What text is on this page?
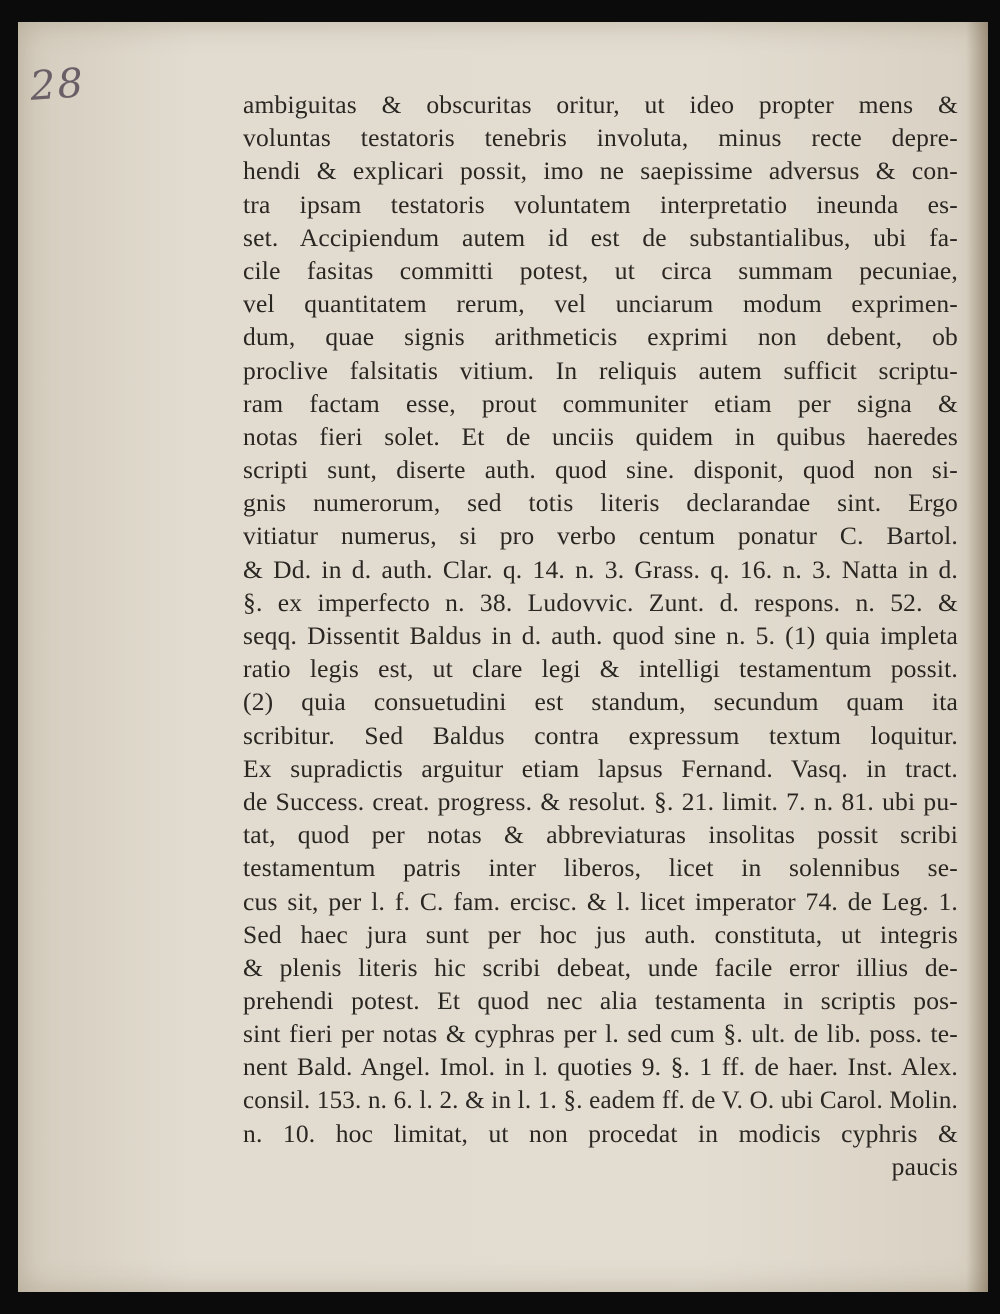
28	ambiguitas & obscuritas oritur, ut ideo propter mens &
voluntas testatoris tenebris involuta, minus recte depre-
hendi & explicari possit, imo ne saepissime adversus & con-
tra ipsam testatoris voluntatem interpretatio ineunda es-
set. Accipiendum autem id est de substantialibus, ubi fa-
cile fasitas committi potest, ut circa summam pecuniae,
vel quantitatem rerum, vel unciarum modum exprimen-
dum, quae signis arithmeticis exprimi non debent, ob
proclive falsitatis vitium. In reliquis autem sufficit scriptu-
ram factam esse, prout communiter etiam per signa &
notas fieri solet. Et de unciis quidem in quibus haeredes
scripti sunt, diserte auth. quod sine. disponit, quod non si-
gnis numerorum, sed totis literis declarandae sint. Ergo
vitiatur numerus, si pro verbo centum ponatur C. Bartol.
& Dd. in d. auth. Clar. q. 14. n. 3. Grass. q. 16. n. 3. Natta in d.
§. ex imperfecto n. 38. Ludovvic. Zunt. d. respons. n. 52. &
seqq. Dissentit Baldus in d. auth. quod sine n. 5. (1) quia impleta
ratio legis est, ut clare legi & intelligi testamentum possit.
(2) quia consuetudini est standum, secundum quam ita
scribitur. Sed Baldus contra expressum textum loquitur.
Ex supradictis arguitur etiam lapsus Fernand. Vasq. in tract.
de Success. creat. progress. & resolut. §. 21. limit. 7. n. 81. ubi pu-
tat, quod per notas & abbreviaturas insolitas possit scribi
testamentum patris inter liberos, licet in solennibus se-
cus sit, per l. f. C. fam. ercisc. & l. licet imperator 74. de Leg. 1.
Sed haec jura sunt per hoc jus auth. constituta, ut integris
& plenis literis hic scribi debeat, unde facile error illius de-
prehendi potest. Et quod nec alia testamenta in scriptis pos-
sint fieri per notas & cyphras per l. sed cum §. ult. de lib. poss. te-
nent Bald. Angel. Imol. in l. quoties 9. §. 1 ff. de haer. Inst. Alex.
consil. 153. n. 6. l. 2. & in l. 1. §. eadem ff. de V. O. ubi Carol. Molin.
n. 10. hoc limitat, ut non procedat in modicis cyphris &
paucis
